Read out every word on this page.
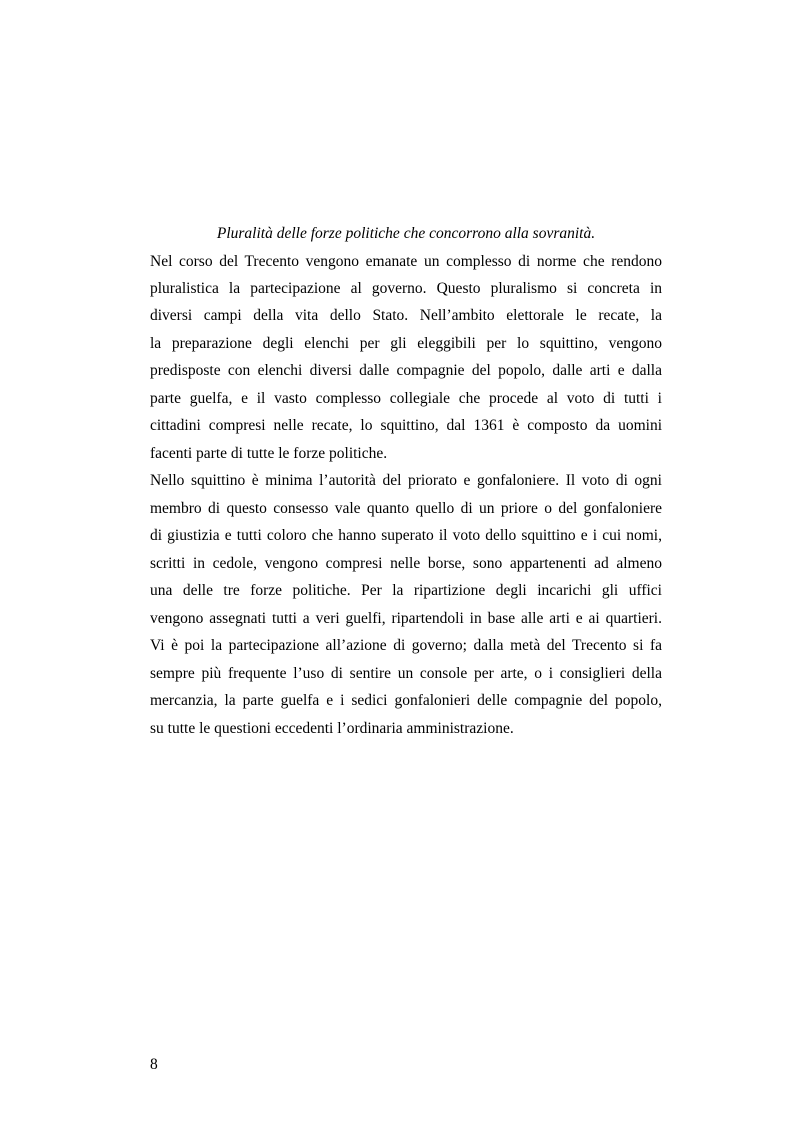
Pluralità delle forze politiche che concorrono alla sovranità.
Nel corso del Trecento vengono emanate un complesso di norme che rendono
pluralistica la partecipazione al governo. Questo pluralismo si concreta in
diversi campi della vita dello Stato. Nell’ambito elettorale le recate, la
la preparazione degli elenchi per gli eleggibili per lo squittino, vengono
predisposte con elenchi diversi dalle compagnie del popolo, dalle arti e dalla
parte guelfa, e il vasto complesso collegiale che procede al voto di tutti i
cittadini compresi nelle recate, lo squittino, dal 1361 è composto da uomini
facenti parte di tutte le forze politiche.
Nello squittino è minima l’autorità del priorato e gonfaloniere. Il voto di ogni
membro di questo consesso vale quanto quello di un priore o del gonfaloniere
di giustizia e tutti coloro che hanno superato il voto dello squittino e i cui nomi,
scritti in cedole, vengono compresi nelle borse, sono appartenenti ad almeno
una delle tre forze politiche. Per la ripartizione degli incarichi gli uffici
vengono assegnati tutti a veri guelfi, ripartendoli in base alle arti e ai quartieri.
Vi è poi la partecipazione all’azione di governo; dalla metà del Trecento si fa
sempre più frequente l’uso di sentire un console per arte, o i consiglieri della
mercanzia, la parte guelfa e i sedici gonfalonieri delle compagnie del popolo,
su tutte le questioni eccedenti l’ordinaria amministrazione.
8
